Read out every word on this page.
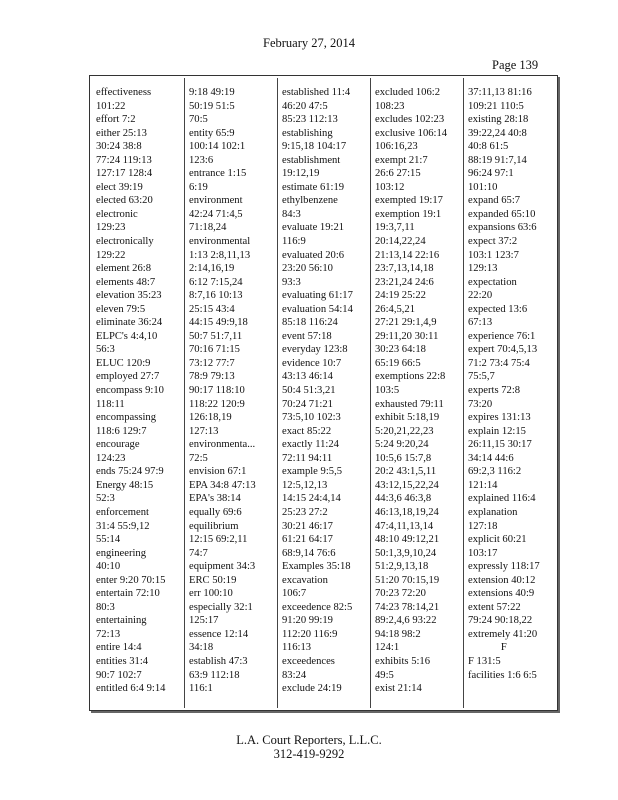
February 27, 2014
Page 139
effectiveness
101:22
effort 7:2
either 25:13
30:24 38:8
77:24 119:13
127:17 128:4
elect 39:19
elected 63:20
electronic
129:23
electronically
129:22
element 26:8
elements 48:7
elevation 35:23
eleven 79:5
eliminate 36:24
ELPC's 4:4,10
56:3
ELUC 120:9
employed 27:7
encompass 9:10
118:11
encompassing
118:6 129:7
encourage
124:23
ends 75:24 97:9
Energy 48:15
52:3
enforcement
31:4 55:9,12
55:14
engineering
40:10
enter 9:20 70:15
entertain 72:10
80:3
entertaining
72:13
entire 14:4
entities 31:4
90:7 102:7
entitled 6:4 9:14
9:18 49:19
50:19 51:5
70:5
entity 65:9
100:14 102:1
123:6
entrance 1:15
6:19
environment
42:24 71:4,5
71:18,24
environmental
1:13 2:8,11,13
2:14,16,19
6:12 7:15,24
8:7,16 10:13
25:15 43:4
44:15 49:9,18
50:7 51:7,11
70:16 71:15
73:12 77:7
78:9 79:13
90:17 118:10
118:22 120:9
126:18,19
127:13
environmenta...
72:5
envision 67:1
EPA 34:8 47:13
EPA's 38:14
equally 69:6
equilibrium
12:15 69:2,11
74:7
equipment 34:3
ERC 50:19
err 100:10
especially 32:1
125:17
essence 12:14
34:18
establish 47:3
63:9 112:18
116:1
established 11:4
46:20 47:5
85:23 112:13
establishing
9:15,18 104:17
establishment
19:12,19
estimate 61:19
ethylbenzene
84:3
evaluate 19:21
116:9
evaluated 20:6
23:20 56:10
93:3
evaluating 61:17
evaluation 54:14
85:18 116:24
event 57:18
everyday 123:8
evidence 10:7
43:13 46:14
50:4 51:3,21
70:24 71:21
73:5,10 102:3
exact 85:22
exactly 11:24
72:11 94:11
example 9:5,5
12:5,12,13
14:15 24:4,14
25:23 27:2
30:21 46:17
61:21 64:17
68:9,14 76:6
Examples 35:18
excavation
106:7
exceedence 82:5
91:20 99:19
112:20 116:9
116:13
exceedences
83:24
exclude 24:19
excluded 106:2
108:23
excludes 102:23
exclusive 106:14
106:16,23
exempt 21:7
26:6 27:15
103:12
exempted 19:17
exemption 19:1
19:3,7,11
20:14,22,24
21:13,14 22:16
23:7,13,14,18
23:21,24 24:6
24:19 25:22
26:4,5,21
27:21 29:1,4,9
29:11,20 30:11
30:23 64:18
65:19 66:5
exemptions 22:8
103:5
exhausted 79:11
exhibit 5:18,19
5:20,21,22,23
5:24 9:20,24
10:5,6 15:7,8
20:2 43:1,5,11
43:12,15,22,24
44:3,6 46:3,8
46:13,18,19,24
47:4,11,13,14
48:10 49:12,21
50:1,3,9,10,24
51:2,9,13,18
51:20 70:15,19
70:23 72:20
74:23 78:14,21
89:2,4,6 93:22
94:18 98:2
124:1
exhibits 5:16
49:5
exist 21:14
37:11,13 81:16
109:21 110:5
existing 28:18
39:22,24 40:8
40:8 61:5
88:19 91:7,14
96:24 97:1
101:10
expand 65:7
expanded 65:10
expansions 63:6
expect 37:2
103:1 123:7
129:13
expectation
22:20
expected 13:6
67:13
experience 76:1
expert 70:4,5,13
71:2 73:4 75:4
75:5,7
experts 72:8
73:20
expires 131:13
explain 12:15
26:11,15 30:17
34:14 44:6
69:2,3 116:2
121:14
explained 116:4
explanation
127:18
explicit 60:21
103:17
expressly 118:17
extension 40:12
extensions 40:9
extent 57:22
79:24 90:18,22
extremely 41:20
F
F 131:5
facilities 1:6 6:5
L.A. Court Reporters, L.L.C.
312-419-9292
